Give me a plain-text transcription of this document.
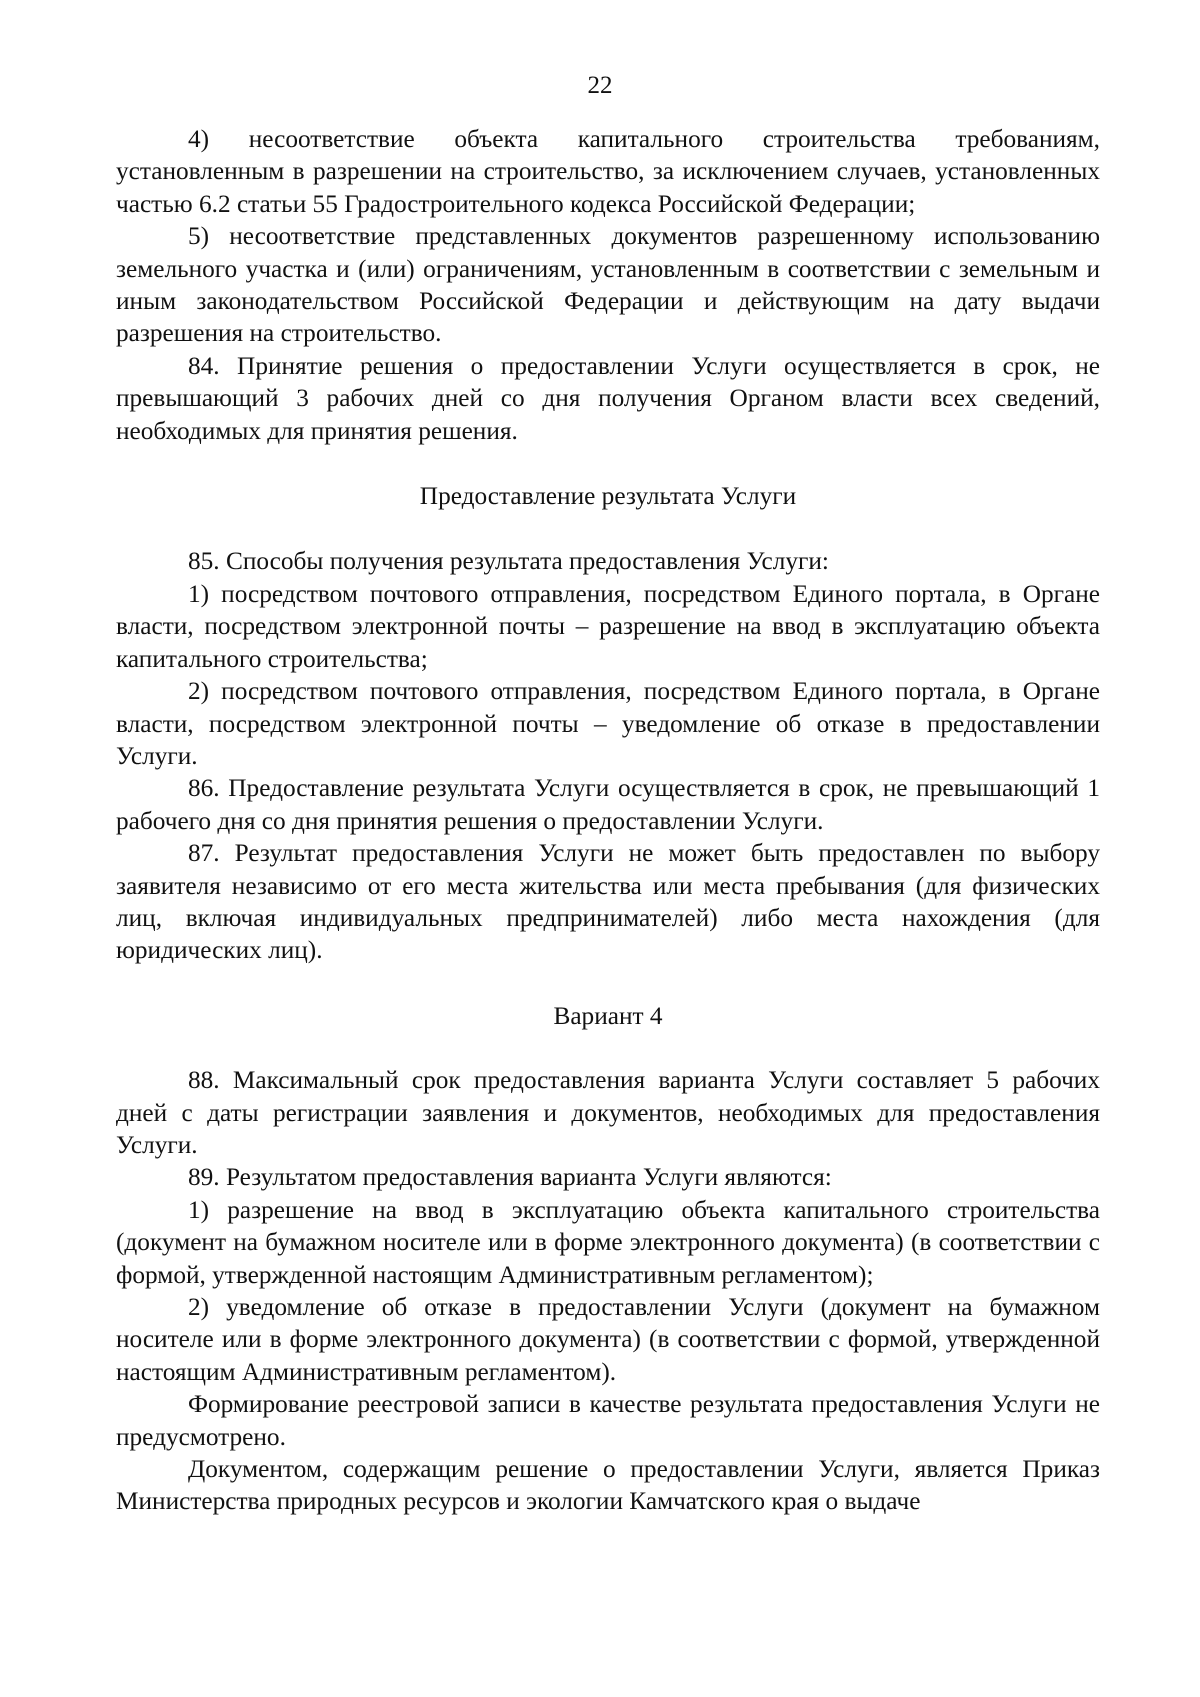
22

4) несоответствие объекта капитального строительства требованиям, установленным в разрешении на строительство, за исключением случаев, установленных частью 6.2 статьи 55 Градостроительного кодекса Российской Федерации;

5) несоответствие представленных документов разрешенному использованию земельного участка и (или) ограничениям, установленным в соответствии с земельным и иным законодательством Российской Федерации и действующим на дату выдачи разрешения на строительство.

84. Принятие решения о предоставлении Услуги осуществляется в срок, не превышающий 3 рабочих дней со дня получения Органом власти всех сведений, необходимых для принятия решения.

Предоставление результата Услуги

85. Способы получения результата предоставления Услуги:

1) посредством почтового отправления, посредством Единого портала, в Органе власти, посредством электронной почты – разрешение на ввод в эксплуатацию объекта капитального строительства;

2) посредством почтового отправления, посредством Единого портала, в Органе власти, посредством электронной почты – уведомление об отказе в предоставлении Услуги.

86. Предоставление результата Услуги осуществляется в срок, не превышающий 1 рабочего дня со дня принятия решения о предоставлении Услуги.

87. Результат предоставления Услуги не может быть предоставлен по выбору заявителя независимо от его места жительства или места пребывания (для физических лиц, включая индивидуальных предпринимателей) либо места нахождения (для юридических лиц).

Вариант 4

88. Максимальный срок предоставления варианта Услуги составляет 5 рабочих дней с даты регистрации заявления и документов, необходимых для предоставления Услуги.

89. Результатом предоставления варианта Услуги являются:

1) разрешение на ввод в эксплуатацию объекта капитального строительства (документ на бумажном носителе или в форме электронного документа) (в соответствии с формой, утвержденной настоящим Административным регламентом);

2) уведомление об отказе в предоставлении Услуги (документ на бумажном носителе или в форме электронного документа) (в соответствии с формой, утвержденной настоящим Административным регламентом).

Формирование реестровой записи в качестве результата предоставления Услуги не предусмотрено.

Документом, содержащим решение о предоставлении Услуги, является Приказ Министерства природных ресурсов и экологии Камчатского края о выдаче
